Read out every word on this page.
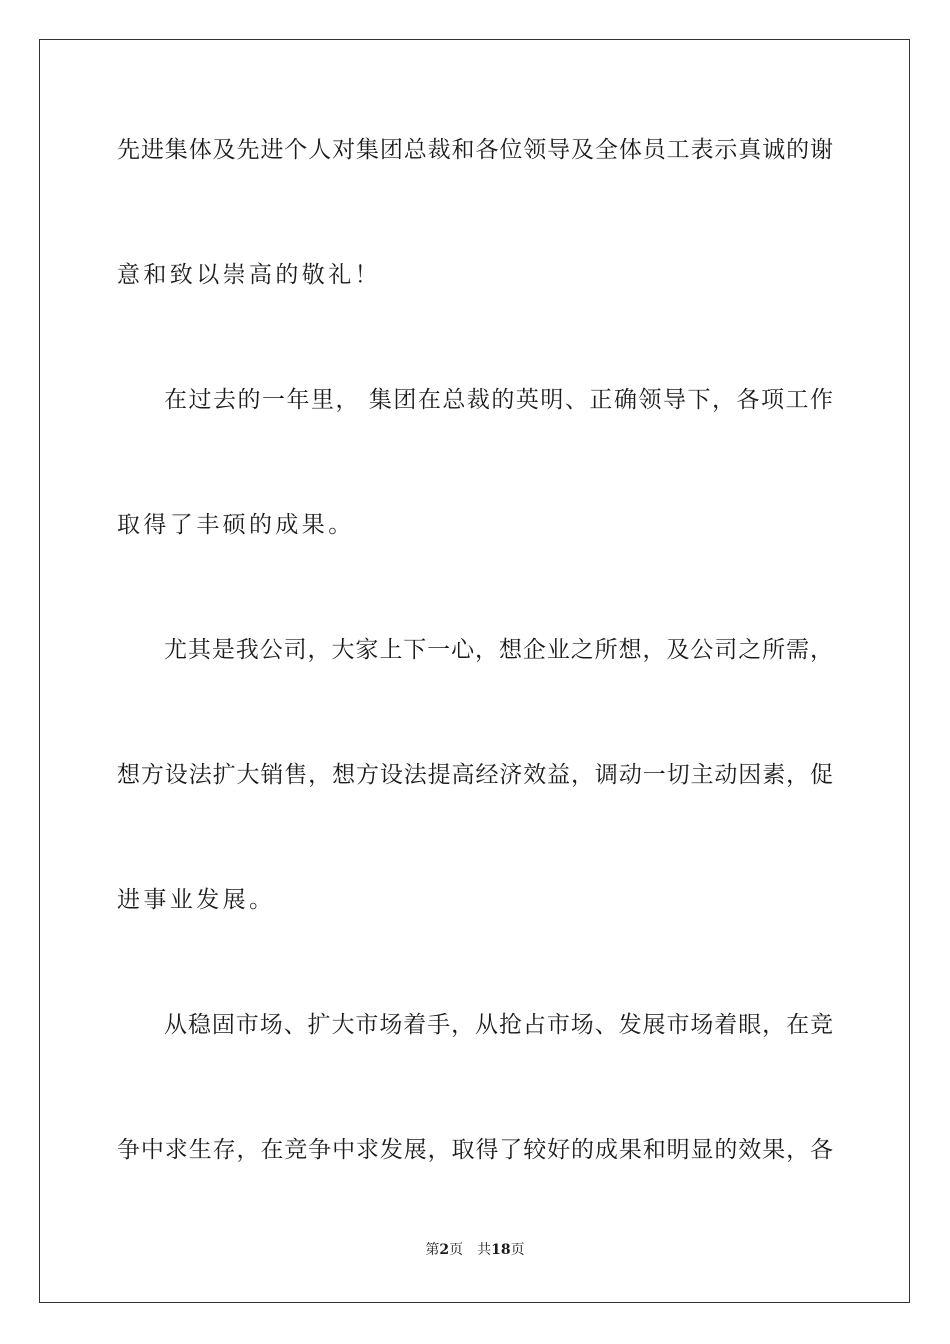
先进集体及先进个人对集团总裁和各位领导及全体员工表示真诚的谢
意和致以崇高的敬礼！
在过去的一年里， 集团在总裁的英明、正确领导下，各项工作
取得了丰硕的成果。
尤其是我公司，大家上下一心，想企业之所想，及公司之所需，
想方设法扩大销售，想方设法提高经济效益，调动一切主动因素，促
进事业发展。
从稳固市场、扩大市场着手，从抢占市场、发展市场着眼，在竞
争中求生存，在竞争中求发展，取得了较好的成果和明显的效果，各
第2页 共18页
